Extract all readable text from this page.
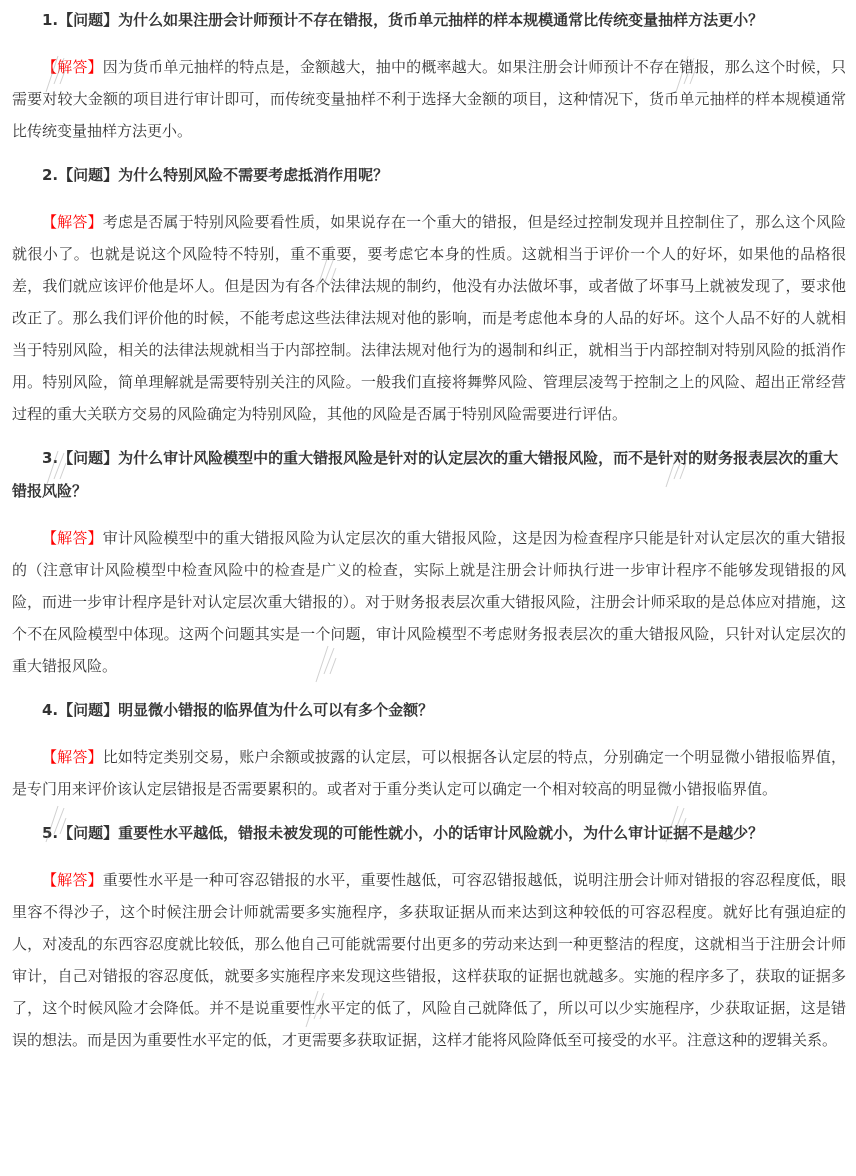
1.【问题】为什么如果注册会计师预计不存在错报，货币单元抽样的样本规模通常比传统变量抽样方法更小？

【解答】因为货币单元抽样的特点是，金额越大，抽中的概率越大。如果注册会计师预计不存在错报，那么这个时候，只需要对较大金额的项目进行审计即可，而传统变量抽样不利于选择大金额的项目，这种情况下，货币单元抽样的样本规模通常比传统变量抽样方法更小。

2.【问题】为什么特别风险不需要考虑抵消作用呢？

【解答】考虑是否属于特别风险要看性质，如果说存在一个重大的错报，但是经过控制发现并且控制住了，那么这个风险就很小了。也就是说这个风险特不特别，重不重要，要考虑它本身的性质。这就相当于评价一个人的好坏，如果他的品格很差，我们就应该评价他是坏人。但是因为有各个法律法规的制约，他没有办法做坏事，或者做了坏事马上就被发现了，要求他改正了。那么我们评价他的时候，不能考虑这些法律法规对他的影响，而是考虑他本身的人品的好坏。这个人品不好的人就相当于特别风险，相关的法律法规就相当于内部控制。法律法规对他行为的遏制和纠正，就相当于内部控制对特别风险的抵消作用。特别风险，简单理解就是需要特别关注的风险。一般我们直接将舞弊风险、管理层凌驾于控制之上的风险、超出正常经营过程的重大关联方交易的风险确定为特别风险，其他的风险是否属于特别风险需要进行评估。

3.【问题】为什么审计风险模型中的重大错报风险是针对的认定层次的重大错报风险，而不是针对的财务报表层次的重大错报风险？

【解答】审计风险模型中的重大错报风险为认定层次的重大错报风险，这是因为检查程序只能是针对认定层次的重大错报的（注意审计风险模型中检查风险中的检查是广义的检查，实际上就是注册会计师执行进一步审计程序不能够发现错报的风险，而进一步审计程序是针对认定层次重大错报的）。对于财务报表层次重大错报风险，注册会计师采取的是总体应对措施，这个不在风险模型中体现。这两个问题其实是一个问题，审计风险模型不考虑财务报表层次的重大错报风险，只针对认定层次的重大错报风险。

4.【问题】明显微小错报的临界值为什么可以有多个金额？

【解答】比如特定类别交易，账户余额或披露的认定层，可以根据各认定层的特点，分别确定一个明显微小错报临界值，是专门用来评价该认定层错报是否需要累积的。或者对于重分类认定可以确定一个相对较高的明显微小错报临界值。

5.【问题】重要性水平越低，错报未被发现的可能性就小，小的话审计风险就小，为什么审计证据不是越少？

【解答】重要性水平是一种可容忍错报的水平，重要性越低，可容忍错报越低，说明注册会计师对错报的容忍程度低，眼里容不得沙子，这个时候注册会计师就需要多实施程序，多获取证据从而来达到这种较低的可容忍程度。就好比有强迫症的人，对凌乱的东西容忍度就比较低，那么他自己可能就需要付出更多的劳动来达到一种更整洁的程度，这就相当于注册会计师审计，自己对错报的容忍度低，就要多实施程序来发现这些错报，这样获取的证据也就越多。实施的程序多了，获取的证据多了，这个时候风险才会降低。并不是说重要性水平定的低了，风险自己就降低了，所以可以少实施程序，少获取证据，这是错误的想法。而是因为重要性水平定的低，才更需要多获取证据，这样才能将风险降低至可接受的水平。注意这种的逻辑关系。
